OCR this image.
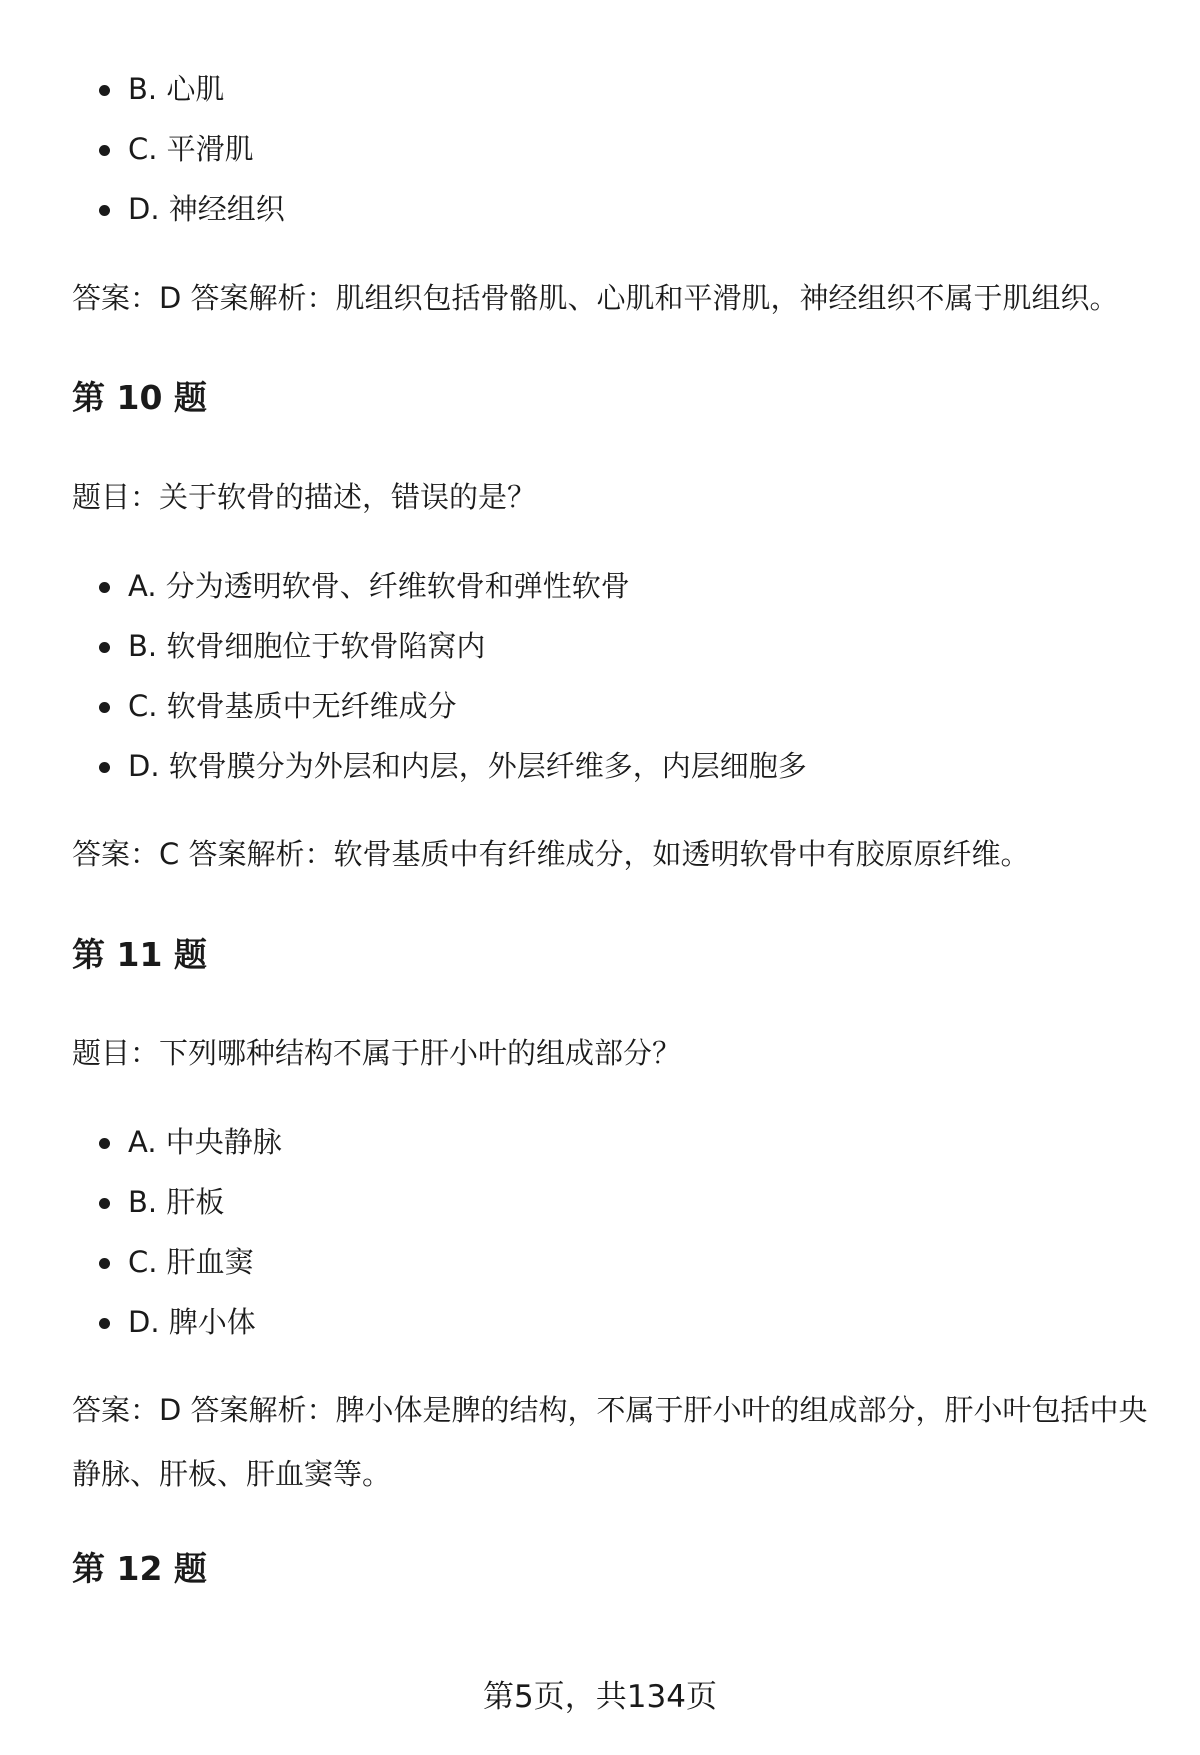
B. 心肌
C. 平滑肌
D. 神经组织

答案：D 答案解析：肌组织包括骨骼肌、心肌和平滑肌，神经组织不属于肌组织。

第 10 题

题目：关于软骨的描述，错误的是？

A. 分为透明软骨、纤维软骨和弹性软骨
B. 软骨细胞位于软骨陷窝内
C. 软骨基质中无纤维成分
D. 软骨膜分为外层和内层，外层纤维多，内层细胞多

答案：C 答案解析：软骨基质中有纤维成分，如透明软骨中有胶原原纤维。

第 11 题

题目：下列哪种结构不属于肝小叶的组成部分？

A. 中央静脉
B. 肝板
C. 肝血窦
D. 脾小体

答案：D 答案解析：脾小体是脾的结构，不属于肝小叶的组成部分，肝小叶包括中央静脉、肝板、肝血窦等。

第 12 题
第5页，共134页
